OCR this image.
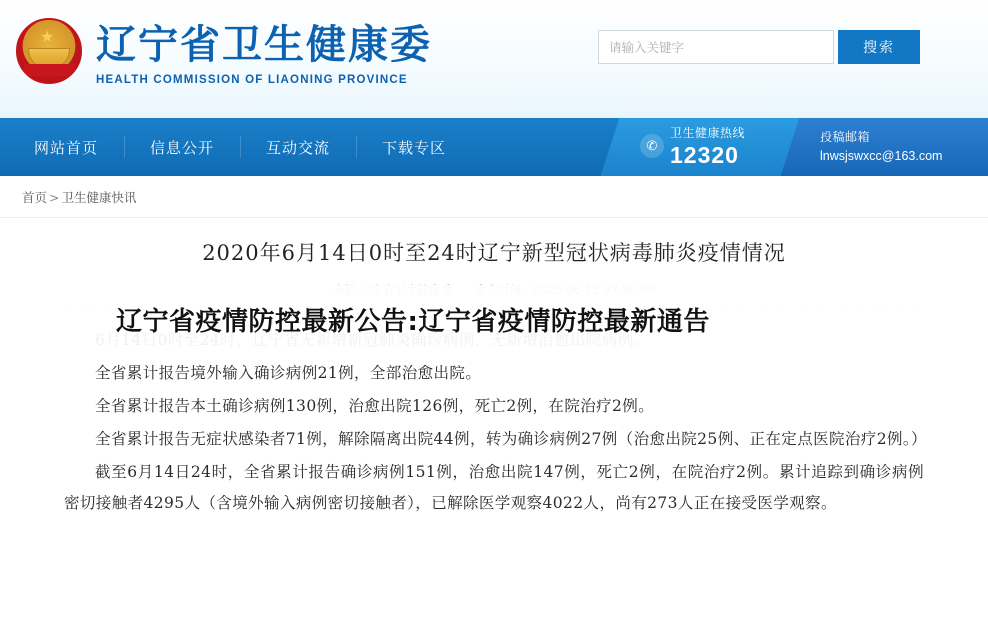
★ 辽宁省卫生健康委
HEALTH COMMISSION OF LIAONING PROVINCE
请输入关键字
搜索
网站首页	信息公开	互动交流	下载专区	✆
卫生健康热线
12320
投稿邮箱
lnwsjswxcc@163.com
首页 > 卫生健康快讯
2020年6月14日0时至24时辽宁新型冠状病毒肺炎疫情情况

全省累计报告境外输入确诊病例21例，全部治愈出院。

全省累计报告本土确诊病例130例，治愈出院126例，死亡2例，在院治疗2例。

全省累计报告无症状感染者71例，解除隔离出院44例，转为确诊病例27例（治愈出院25例、正在定点医院治疗2例。）

截至6月14日24时，全省累计报告确诊病例151例，治愈出院147例，死亡2例，在院治疗2例。累计追踪到确诊病例密切接触者4295人（含境外输入病例密切接触者），已解除医学观察4022人，尚有273人正在接受医学观察。

辽宁省疫情防控最新公告:辽宁省疫情防控最新通告
